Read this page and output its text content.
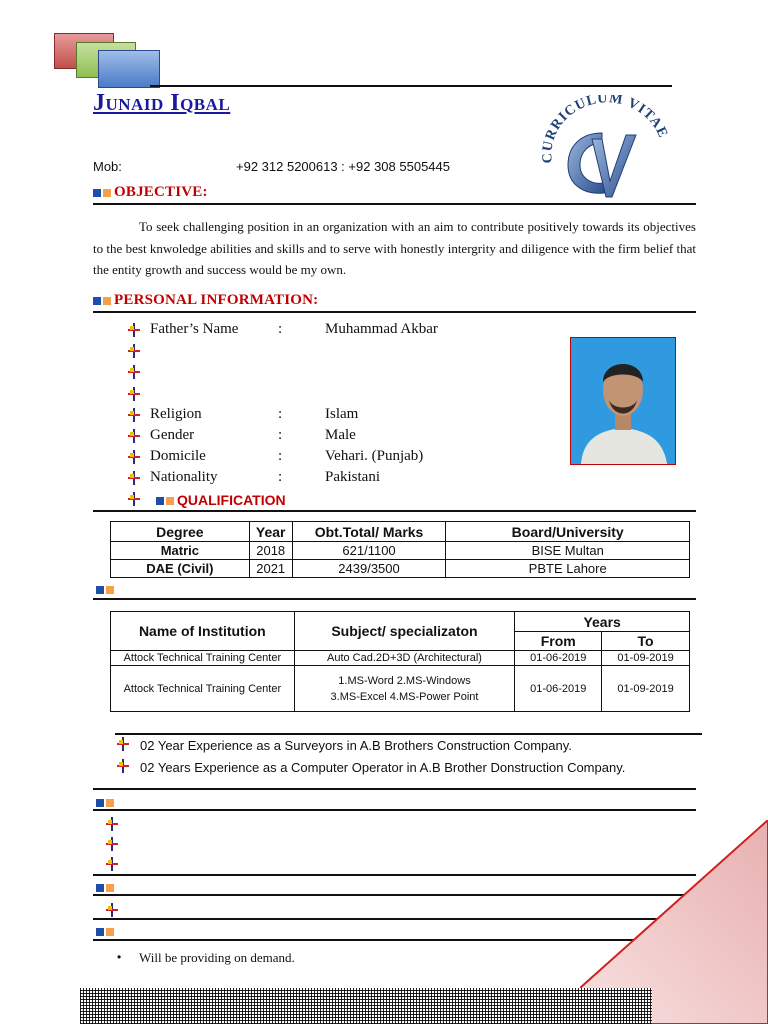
Junaid Iqbal
CURRICULUM VITAE
Mob:	+92 312 5200613 : +92 308 5505445
OBJECTIVE:
To seek challenging position in an organization with an aim to contribute positively towards its objectives to the best knwoledge abilities and skills and to serve with honestly intergrity and diligence with the firm belief that the entity growth and success would be my own.
PERSONAL INFORMATION:
Father’s Name	:	Muhammad Akbar
Religion	:	Islam
Gender	:	Male
Domicile	:	Vehari. (Punjab)
Nationality	:	Pakistani
QUALIFICATION
Degree	Year	Obt.Total/ Marks	Board/University
Matric	2018	621/1100	BISE Multan
DAE (Civil)	2021	2439/3500	PBTE Lahore
Name of Institution	Subject/ specializaton	Years	
		From	To
Attock Technical Training Center	Auto Cad.2D+3D (Architectural)	01-06-2019	01-09-2019
Attock Technical Training Center	1.MS-Word 2.MS-Windows
3.MS-Excel 4.MS-Power Point	01-06-2019	01-09-2019
02 Year Experience as a Surveyors in A.B Brothers Construction Company.
02 Years Experience as a Computer Operator in A.B Brother Donstruction Company.
• Will be providing on demand.
